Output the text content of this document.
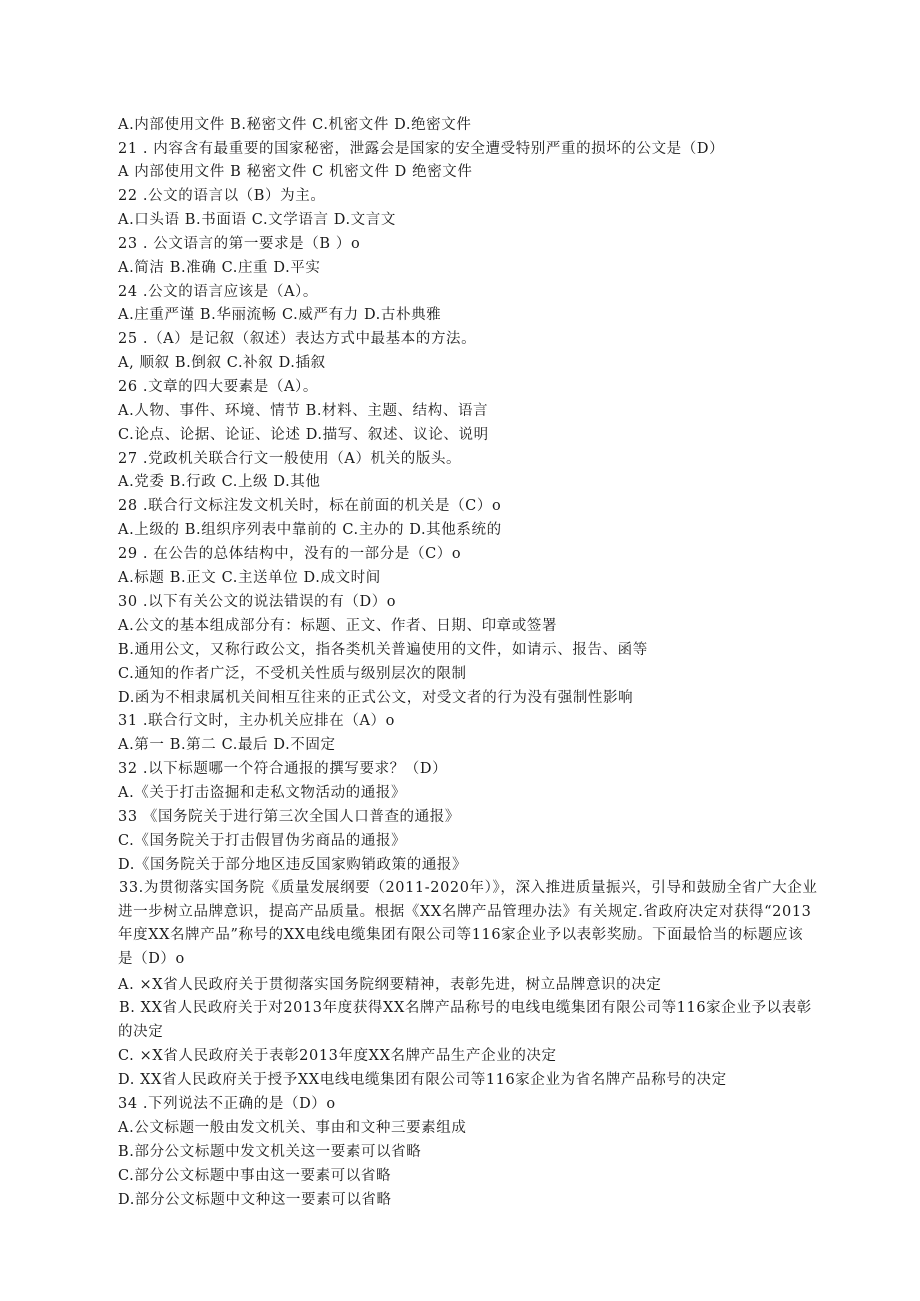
A.内部使用文件 B.秘密文件 C.机密文件 D.绝密文件
21 . 内容含有最重要的国家秘密，泄露会是国家的安全遭受特别严重的损坏的公文是（D）
A 内部使用文件 B 秘密文件 C 机密文件 D 绝密文件
22 .公文的语言以（B）为主。
A.口头语 B.书面语 C.文学语言 D.文言文
23 . 公文语言的第一要求是（B ）o
A.简洁 B.准确 C.庄重 D.平实
24 .公文的语言应该是（A）。
A.庄重严谨 B.华丽流畅 C.威严有力 D.古朴典雅
25 .（A）是记叙（叙述）表达方式中最基本的方法。
A, 顺叙 B.倒叙 C.补叙 D.插叙
26 .文章的四大要素是（A）。
A.人物、事件、环境、情节 B.材料、主题、结构、语言
C.论点、论据、论证、论述 D.描写、叙述、议论、说明
27 .党政机关联合行文一般使用（A）机关的版头。
A.党委 B.行政 C.上级 D.其他
28 .联合行文标注发文机关时，标在前面的机关是（C）o
A.上级的 B.组织序列表中靠前的 C.主办的 D.其他系统的
29 . 在公告的总体结构中，没有的一部分是（C）o
A.标题 B.正文 C.主送单位 D.成文时间
30 .以下有关公文的说法错误的有（D）o
A.公文的基本组成部分有：标题、正文、作者、日期、印章或签署
B.通用公文，又称行政公文，指各类机关普遍使用的文件，如请示、报告、函等
C.通知的作者广泛，不受机关性质与级别层次的限制
D.函为不相隶属机关间相互往来的正式公文，对受文者的行为没有强制性影响
31 .联合行文时，主办机关应排在（A）o
A.第一 B.第二 C.最后 D.不固定
32 .以下标题哪一个符合通报的撰写要求？（D）
A.《关于打击盗掘和走私文物活动的通报》
33 《国务院关于进行第三次全国人口普查的通报》
C.《国务院关于打击假冒伪劣商品的通报》
D.《国务院关于部分地区违反国家购销政策的通报》
33.为贯彻落实国务院《质量发展纲要（2011-2020年）》，深入推进质量振兴，引导和鼓励全省广大企业进一步树立品牌意识，提高产品质量。根据《XX名牌产品管理办法》有关规定.省政府决定对获得“2013年度XX名牌产品”称号的XX电线电缆集团有限公司等116家企业予以表彰奖励。下面最恰当的标题应该是（D）o
A. ×X省人民政府关于贯彻落实国务院纲要精神，表彰先进，树立品牌意识的决定
B. XX省人民政府关于对2013年度获得XX名牌产品称号的电线电缆集团有限公司等116家企业予以表彰的决定
C. ×X省人民政府关于表彰2013年度XX名牌产品生产企业的决定
D. XX省人民政府关于授予XX电线电缆集团有限公司等116家企业为省名牌产品称号的决定
34 .下列说法不正确的是（D）o
A.公文标题一般由发文机关、事由和文种三要素组成
B.部分公文标题中发文机关这一要素可以省略
C.部分公文标题中事由这一要素可以省略
D.部分公文标题中文种这一要素可以省略
